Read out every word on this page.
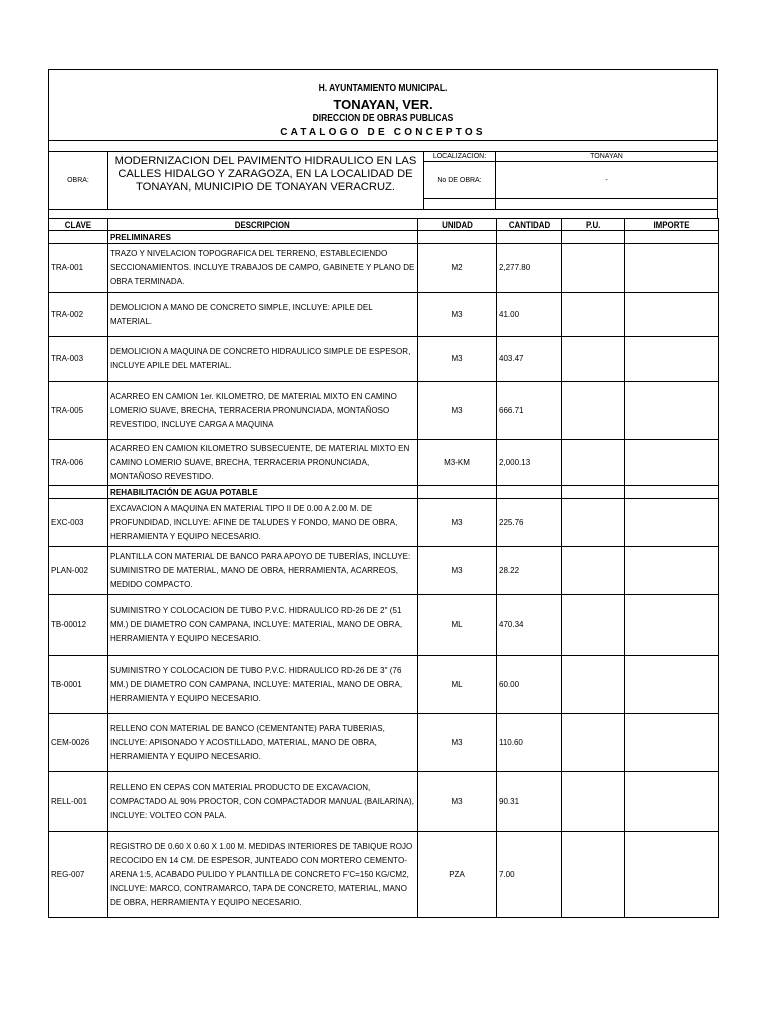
H. AYUNTAMIENTO MUNICIPAL.
TONAYAN, VER.
DIRECCION DE OBRAS PUBLICAS
CATALOGO DE CONCEPTOS
OBRA:
MODERNIZACION DEL PAVIMENTO HIDRAULICO EN LAS CALLES HIDALGO Y ZARAGOZA, EN LA LOCALIDAD DE TONAYAN, MUNICIPIO DE TONAYAN VERACRUZ.
LOCALIZACION:	TONAYAN
No DE OBRA:	-
CLAVE	DESCRIPCION	UNIDAD	CANTIDAD	P.U.	IMPORTE
	PRELIMINARES				
TRA-001	TRAZO Y NIVELACION TOPOGRAFICA DEL TERRENO, ESTABLECIENDO SECCIONAMIENTOS. INCLUYE TRABAJOS DE CAMPO, GABINETE Y PLANO DE OBRA TERMINADA.	M2	2,277.80		
TRA-002	DEMOLICION A MANO DE CONCRETO SIMPLE, INCLUYE: APILE DEL MATERIAL.	M3	41.00		
TRA-003	DEMOLICION A MAQUINA DE CONCRETO HIDRAULICO SIMPLE DE ESPESOR, INCLUYE APILE DEL MATERIAL.	M3	403.47		
TRA-005	ACARREO EN CAMION 1er. KILOMETRO, DE MATERIAL MIXTO EN CAMINO LOMERIO SUAVE, BRECHA, TERRACERIA PRONUNCIADA, MONTAÑOSO REVESTIDO, INCLUYE CARGA A MAQUINA	M3	666.71		
TRA-006	ACARREO EN CAMION KILOMETRO SUBSECUENTE, DE MATERIAL MIXTO EN CAMINO LOMERIO SUAVE, BRECHA, TERRACERIA PRONUNCIADA, MONTAÑOSO REVESTIDO.	M3-KM	2,000.13		
	REHABILITACIÓN DE AGUA POTABLE				
EXC-003	EXCAVACION A MAQUINA EN MATERIAL TIPO II DE 0.00 A 2.00 M. DE PROFUNDIDAD, INCLUYE: AFINE DE TALUDES Y FONDO, MANO DE OBRA, HERRAMIENTA Y EQUIPO NECESARIO.	M3	225.76		
PLAN-002	PLANTILLA CON MATERIAL DE BANCO PARA APOYO DE TUBERÍAS, INCLUYE: SUMINISTRO DE MATERIAL, MANO DE OBRA, HERRAMIENTA, ACARREOS, MEDIDO COMPACTO.	M3	28.22		
TB-00012	SUMINISTRO Y COLOCACION DE TUBO P.V.C. HIDRAULICO RD-26 DE 2" (51 MM.) DE DIAMETRO CON CAMPANA, INCLUYE: MATERIAL, MANO DE OBRA, HERRAMIENTA Y EQUIPO NECESARIO.	ML	470.34		
TB-0001	SUMINISTRO Y COLOCACION DE TUBO P.V.C. HIDRAULICO RD-26 DE 3" (76 MM.) DE DIAMETRO CON CAMPANA, INCLUYE: MATERIAL, MANO DE OBRA, HERRAMIENTA Y EQUIPO NECESARIO.	ML	60.00		
CEM-0026	RELLENO CON MATERIAL DE BANCO (CEMENTANTE) PARA TUBERIAS, INCLUYE: APISONADO Y ACOSTILLADO, MATERIAL, MANO DE OBRA, HERRAMIENTA Y EQUIPO NECESARIO.	M3	110.60		
RELL-001	RELLENO EN CEPAS CON MATERIAL PRODUCTO DE EXCAVACION, COMPACTADO AL 90% PROCTOR, CON COMPACTADOR MANUAL (BAILARINA), INCLUYE: VOLTEO CON PALA.	M3	90.31		
REG-007	REGISTRO DE 0.60 X 0.60 X 1.00 M. MEDIDAS INTERIORES DE TABIQUE ROJO RECOCIDO EN 14 CM. DE ESPESOR, JUNTEADO CON MORTERO CEMENTO-ARENA 1:5, ACABADO PULIDO Y PLANTILLA DE CONCRETO F'C=150 KG/CM2, INCLUYE: MARCO, CONTRAMARCO, TAPA DE CONCRETO, MATERIAL, MANO DE OBRA, HERRAMIENTA Y EQUIPO NECESARIO.	PZA	7.00		
